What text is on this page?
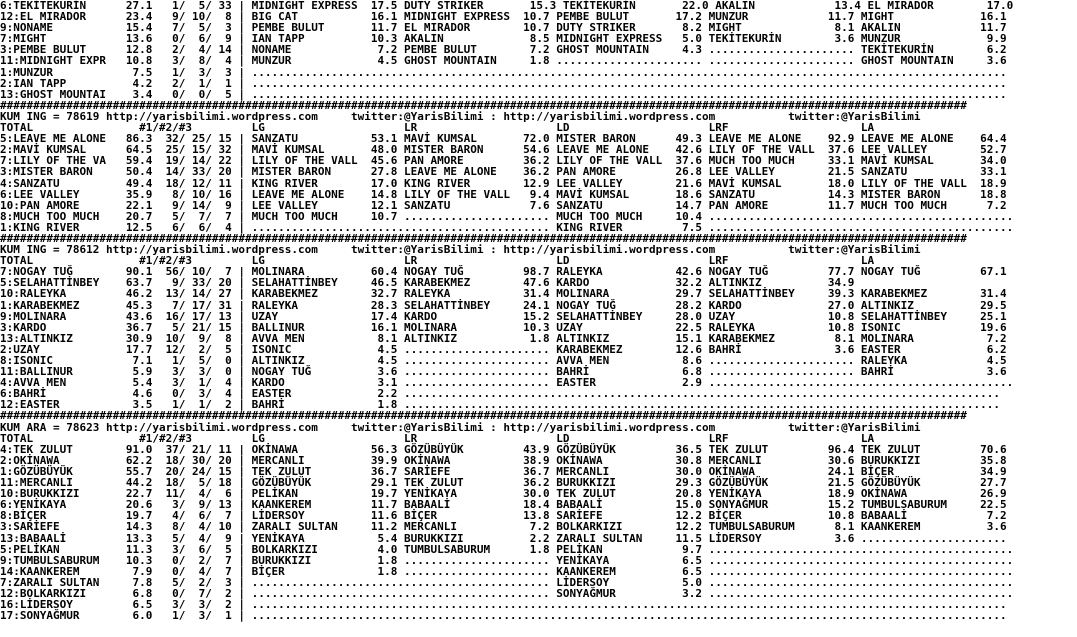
6:TEKİTEKURİN      27.1   1/  5/ 33 | MIDNIGHT EXPRESS  17.5 DUTY STRIKER       15.3 TEKİTEKURİN       22.0 AKALIN            13.4 EL MIRADOR        17.0
12:EL MIRADOR      23.4   9/ 10/  8 | BIG CAT           16.1 MIDNIGHT EXPRESS  10.7 PEMBE BULUT       17.2 MUNZUR            11.7 MIGHT             16.1
9:NONAME           15.4   7/  5/  3 | PEMBE BULUT       11.7 EL MIRADOR        10.7 DUTY STRIKER       8.2 MIGHT              8.1 AKALIN            11.7
7:MIGHT            13.6   0/  6/  9 | IAN TAPP          10.3 AKALIN             8.5 MIDNIGHT EXPRESS   5.0 TEKİTEKURİN        3.6 MUNZUR             9.9
3:PEMBE BULUT      12.8   2/  4/ 14 | NONAME             7.2 PEMBE BULUT        7.2 GHOST MOUNTAIN     4.3 ...................... TEKİTEKURİN        6.2
11:MIDNIGHT EXPR   10.8   3/  8/  4 | MUNZUR             4.5 GHOST MOUNTAIN     1.8 ...................... ...................... GHOST MOUNTAIN     3.6
1:MUNZUR            7.5   1/  3/  3 | ..................................................................................................................
2:IAN TAPP          4.2   2/  1/  1 | ..................................................................................................................
13:GHOST MOUNTAI    3.4   0/  0/  5 | ..................................................................................................................
##################################################################################################################################################
KUM ING = 78619 http://yarisbilimi.wordpress.com     twitter:@YarisBilimi : http://yarisbilimi.wordpress.com           twitter:@YarisBilimi
TOTAL                #1/#2/#3         LG                     LR                     LD                     LRF                    LA
5:LEAVE ME ALONE   86.3  32/ 25/ 15 | SANZATU           53.1 MAVİ KUMSAL       72.0 MISTER BARON      49.3 LEAVE ME ALONE    92.9 LEAVE ME ALONE    64.4
2:MAVİ KUMSAL      64.5  25/ 15/ 32 | MAVİ KUMSAL       48.0 MISTER BARON      54.6 LEAVE ME ALONE    42.6 LILY OF THE VALL  37.6 LEE VALLEY        52.7
7:LILY OF THE VA   59.4  19/ 14/ 22 | LILY OF THE VALL  45.6 PAN AMORE         36.2 LILY OF THE VALL  37.6 MUCH TOO MUCH     33.1 MAVİ KUMSAL       34.0
3:MISTER BARON     50.4  14/ 33/ 20 | MISTER BARON      27.8 LEAVE ME ALONE    36.2 PAN AMORE         26.8 LEE VALLEY        21.5 SANZATU           33.1
4:SANZATU          49.4  18/ 12/ 11 | KING RIVER        17.0 KING RIVER        12.9 LEE VALLEY        21.6 MAVİ KUMSAL       18.0 LILY OF THE VALL  18.9
6:LEE VALLEY       35.9   8/ 10/ 16 | LEAVE ME ALONE    14.8 LILY OF THE VALL   9.4 MAVİ KUMSAL       18.6 SANZATU           14.3 MISTER BARON      18.8
10:PAN AMORE       22.1   9/ 14/  9 | LEE VALLEY        12.1 SANZATU            7.6 SANZATU           14.7 PAN AMORE         11.7 MUCH TOO MUCH      7.2
8:MUCH TOO MUCH    20.7   5/  7/  7 | MUCH TOO MUCH     10.7 ...................... MUCH TOO MUCH     10.4 ..............................................
1:KING RIVER       12.5   6/  6/  4 | ............................................. KING RIVER         7.5 ..............................................
##################################################################################################################################################
KUM ING = 78612 http://yarisbilimi.wordpress.com     twitter:@YarisBilimi : http://yarisbilimi.wordpress.com           twitter:@YarisBilimi
TOTAL                #1/#2/#3         LG                     LR                     LD                     LRF                    LA
7:NOGAY TUĞ        90.1  56/ 10/  7 | MOLINARA          60.4 NOGAY TUĞ         98.7 RALEYKA           42.6 NOGAY TUĞ         77.7 NOGAY TUĞ         67.1
5:SELAHATTİNBEY    63.7   9/ 33/ 20 | SELAHATTİNBEY     46.5 KARABEKMEZ        47.6 KARDO             32.2 ALTINKIZ          34.9
10:RALEYKA         46.2  13/ 14/ 27 | KARABEKMEZ        32.7 RALEYKA           31.4 MOLINARA          29.7 SELAHATTİNBEY     39.3 KARABEKMEZ        31.4
1:KARABEKMEZ       45.3   7/ 17/ 31 | RALEYKA           28.3 SELAHATTİNBEY     24.1 NOGAY TUĞ         28.2 KARDO             27.0 ALTINKIZ          29.5
9:MOLINARA         43.6  16/ 17/ 13 | UZAY              17.4 KARDO             15.2 SELAHATTİNBEY     28.0 UZAY              10.8 SELAHATTİNBEY     25.1
3:KARDO            36.7   5/ 21/ 15 | BALLINUR          16.1 MOLINARA          10.3 UZAY              22.5 RALEYKA           10.8 ISONIC            19.6
13:ALTINKIZ        30.9  10/  9/  8 | AVVA MEN           8.1 ALTINKIZ           1.8 ALTINKIZ          15.1 KARABEKMEZ         8.1 MOLINARA           7.2
2:UZAY             17.7  12/  2/  5 | ISONIC             4.5 ...................... KARABEKMEZ        12.6 BAHRİ              3.6 EASTER             6.2
8:ISONIC            7.1   1/  5/  0 | ALTINKIZ           4.5 ...................... AVVA MEN           8.6 ...................... RALEYKA            4.5
11:BALLINUR         5.9   3/  3/  0 | NOGAY TUĞ          3.6 ...................... BAHRİ              6.8 ...................... BAHRİ              3.6
4:AVVA MEN          5.4   3/  1/  4 | KARDO              3.1 ...................... EASTER             2.9 ..............................................
6:BAHRİ             4.6   0/  3/  4 | EASTER             2.2 ..........................................................................................
12:EASTER           3.5   1/  1/  2 | BAHRİ              1.8 ..........................................................................................
##################################################################################################################################################
KUM ARA = 78623 http://yarisbilimi.wordpress.com     twitter:@YarisBilimi : http://yarisbilimi.wordpress.com           twitter:@YarisBilimi
TOTAL                #1/#2/#3         LG                     LR                     LD                     LRF                    LA
4:TEK ZULUT        91.0  37/ 21/ 11 | OKİNAWA           56.3 GÖZÜBÜYÜK         43.9 GÖZÜBÜYÜK         36.5 TEK ZULUT         96.4 TEK ZULUT         70.6
2:OKİNAWA          62.2  18/ 30/ 20 | MERCANLI          39.9 OKİNAWA           38.9 OKİNAWA           30.8 MERCANLI          30.6 BURUKKIZI         35.8
1:GÖZÜBÜYÜK        55.7  20/ 24/ 15 | TEK ZULUT         36.7 SARİEFE           36.7 MERCANLI          30.0 OKİNAWA           24.1 BİÇER             34.9
11:MERCANLI        44.2  18/  5/ 18 | GÖZÜBÜYÜK         29.1 TEK ZULUT         36.2 BURUKKIZI         29.3 GÖZÜBÜYÜK         21.5 GÖZÜBÜYÜK         27.7
10:BURUKKIZI       22.7  11/  4/  6 | PELİKAN           19.7 YENİKAYA          30.0 TEK ZULUT         20.8 YENİKAYA          18.9 OKİNAWA           26.9
6:YENİKAYA         20.6   3/  9/ 13 | KAANKEREM         11.7 BABAALİ           18.4 BABAALİ           15.0 SONYAĞMUR         15.2 TUMBULSABURUM     22.5
8:BİÇER            19.7   4/  6/  7 | LİDERSOY          11.6 BİÇER             13.8 SARİEFE           12.2 BİÇER             10.8 BABAALİ            7.2
3:SARİEFE          14.3   8/  4/ 10 | ZARALI SULTAN     11.2 MERCANLI           7.2 BOLKARKIZI        12.2 TUMBULSABURUM      8.1 KAANKEREM          3.6
13:BABAALİ         13.3   5/  4/  9 | YENİKAYA           5.4 BURUKKIZI          2.2 ZARALI SULTAN     11.5 LİDERSOY           3.6 ......................
5:PELİKAN          11.3   3/  6/  5 | BOLKARKIZI         4.0 TUMBULSABURUM      1.8 PELİKAN            9.7 ..............................................
9:TUMBULSABURUM    10.3   0/  2/  7 | BURUKKIZI          1.8 ...................... YENİKAYA           6.5 ..............................................
14:KAANKEREM        7.9   0/  4/  7 | BİÇER              1.8 ...................... KAANKEREM          6.5 ..............................................
7:ZARALI SULTAN     7.8   5/  2/  3 | ............................................. LİDERSOY           5.0 ..............................................
12:BOLKARKIZI       6.8   0/  7/  2 | ............................................. SONYAĞMUR          3.2 ..............................................
16:LİDERSOY         6.5   3/  3/  2 | ..................................................................................................................
17:SONYAĞMUR        6.0   1/  3/  1 | ..................................................................................................................
